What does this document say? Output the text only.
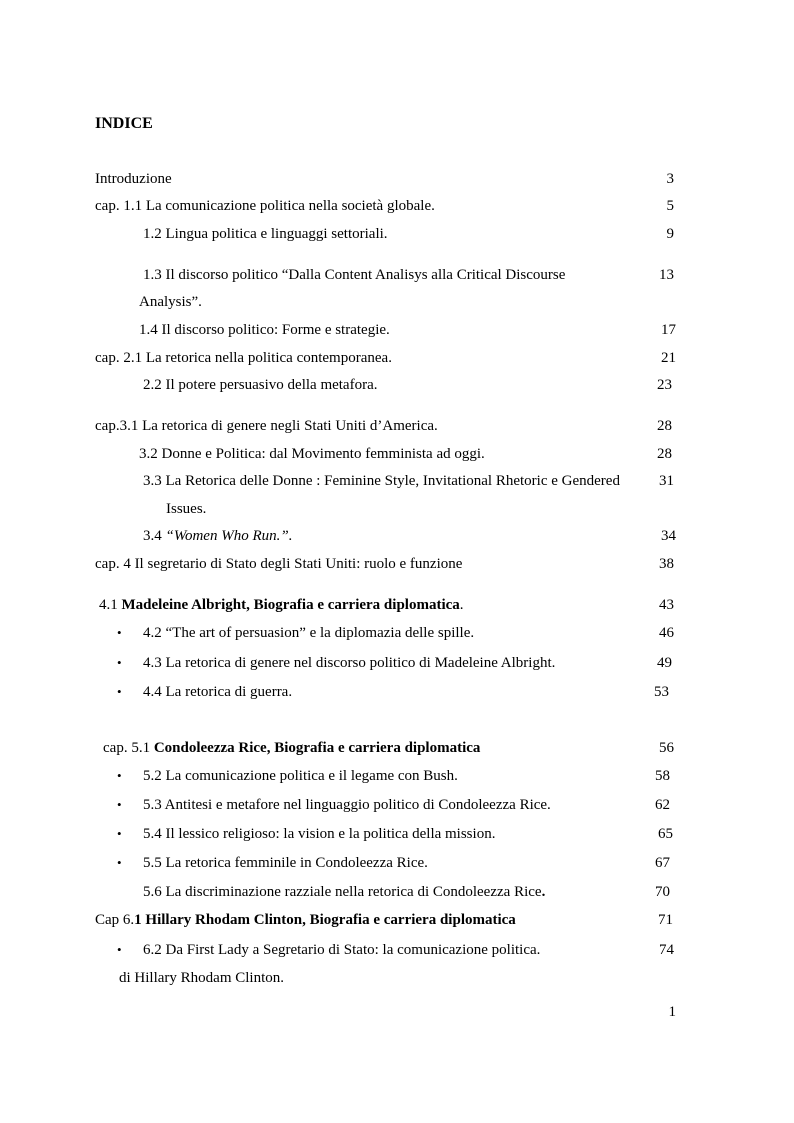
INDICE
Introduzione	3
cap. 1.1 La comunicazione politica nella società globale.	5
1.2 Lingua politica e linguaggi settoriali.	9
1.3 Il discorso politico “Dalla Content Analisys alla Critical Discourse	13
Analysis”.
1.4 Il discorso politico: Forme e strategie.	17
cap. 2.1 La retorica nella politica contemporanea.	21
2.2 Il potere persuasivo della metafora.	23
cap.3.1 La retorica di genere negli Stati Uniti d’America.	28
3.2 Donne e Politica: dal Movimento femminista ad oggi.	28
3.3 La Retorica delle Donne : Feminine Style, Invitational Rhetoric e Gendered	31
Issues.
3.4 “Women Who Run.”.	34
cap. 4 Il segretario di Stato degli Stati Uniti: ruolo e funzione	38
4.1 Madeleine Albright, Biografia e carriera diplomatica.	43
• 4.2 “The art of persuasion” e la diplomazia delle spille.	46
• 4.3 La retorica di genere nel discorso politico di Madeleine Albright.	49
• 4.4 La retorica di guerra.	53
cap. 5.1 Condoleezza Rice, Biografia e carriera diplomatica	56
• 5.2 La comunicazione politica e il legame con Bush.	58
• 5.3 Antitesi e metafore nel linguaggio politico di Condoleezza Rice.	62
• 5.4 Il lessico religioso: la vision e la politica della mission.	65
• 5.5 La retorica femminile in Condoleezza Rice.	67
5.6 La discriminazione razziale nella retorica di Condoleezza Rice.	70
Cap 6.1 Hillary Rhodam Clinton, Biografia e carriera diplomatica	71
• 6.2 Da First Lady a Segretario di Stato: la comunicazione politica.	74
di Hillary Rhodam Clinton.
1
